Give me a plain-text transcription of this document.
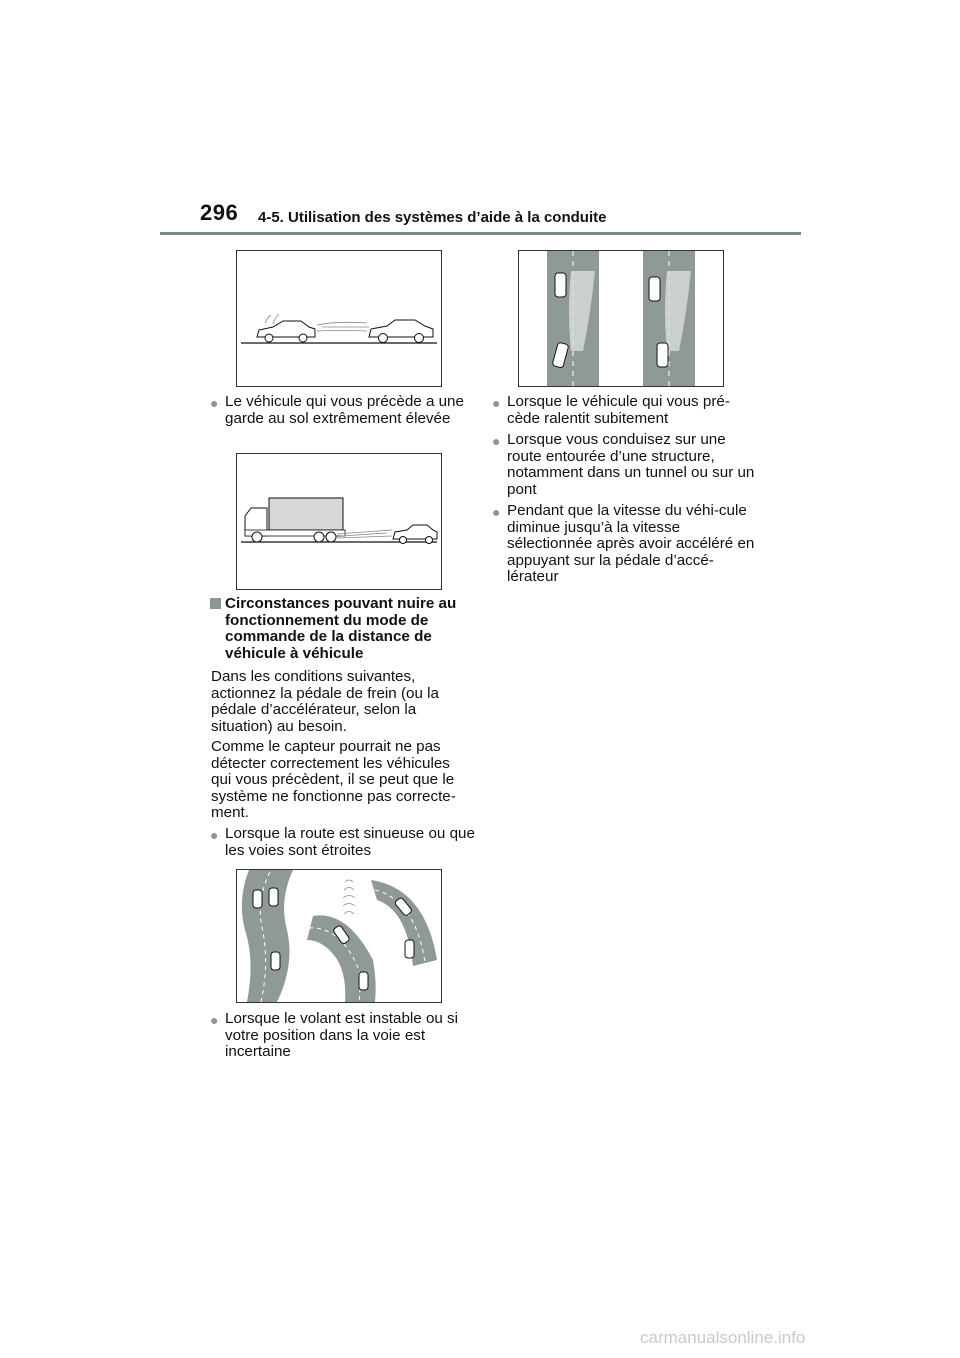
296 4-5. Utilisation des systèmes d’aide à la conduite
● Le véhicule qui vous précède a une garde au sol extrêmement élevée
Circonstances pouvant nuire au fonctionnement du mode de commande de la distance de véhicule à véhicule
Dans les conditions suivantes, actionnez la pédale de frein (ou la pédale d’accélérateur, selon la situation) au besoin.
Comme le capteur pourrait ne pas détecter correctement les véhicules qui vous précèdent, il se peut que le système ne fonctionne pas correcte-ment.
● Lorsque la route est sinueuse ou que les voies sont étroites
● Lorsque le volant est instable ou si votre position dans la voie est incertaine
● Lorsque le véhicule qui vous pré-cède ralentit subitement
● Lorsque vous conduisez sur une route entourée d’une structure, notamment dans un tunnel ou sur un pont
● Pendant que la vitesse du véhi-cule diminue jusqu’à la vitesse sélectionnée après avoir accéléré en appuyant sur la pédale d’accé-lérateur
carmanualsonline.info
